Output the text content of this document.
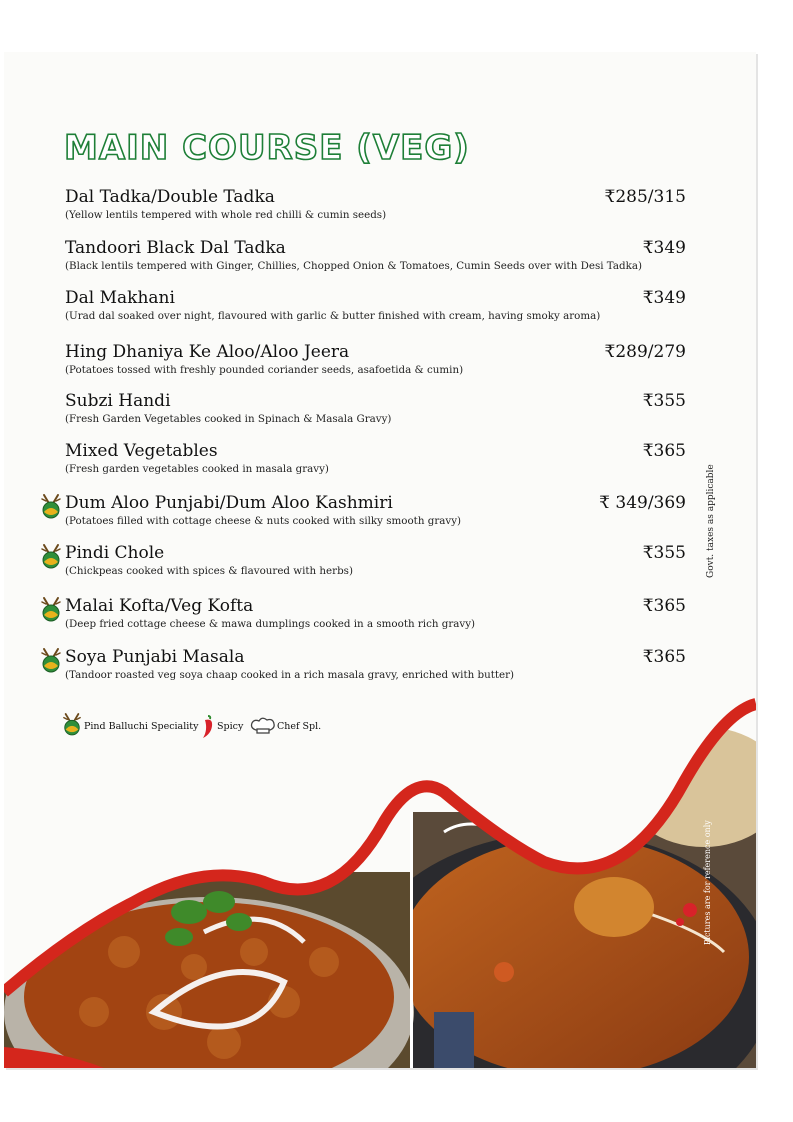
MAIN COURSE (VEG)
Dal Tadka/Double Tadka
(Yellow lentils tempered with whole red chilli & cumin seeds)
₹285/315
Tandoori Black Dal Tadka
(Black lentils tempered with Ginger, Chillies, Chopped Onion & Tomatoes, Cumin Seeds over with Desi Tadka)
₹349
Dal Makhani
(Urad dal soaked over night, flavoured with garlic & butter finished with cream, having smoky aroma)
₹349
Hing Dhaniya Ke Aloo/Aloo Jeera
(Potatoes tossed with freshly pounded coriander seeds, asafoetida & cumin)
₹289/279
Subzi Handi
(Fresh Garden Vegetables cooked in Spinach & Masala Gravy)
₹355
Mixed Vegetables
(Fresh garden vegetables cooked in masala gravy)
₹365
Dum Aloo Punjabi/Dum Aloo Kashmiri
(Potatoes filled with cottage cheese & nuts cooked with silky smooth gravy)
₹ 349/369
Pindi Chole
(Chickpeas cooked with spices & flavoured with herbs)
₹355
Malai Kofta/Veg Kofta
(Deep fried cottage cheese & mawa dumplings cooked in a smooth rich gravy)
₹365
Soya Punjabi Masala
(Tandoor roasted veg soya chaap cooked in a rich masala gravy, enriched with butter)
₹365
Govt. taxes as applicable
Pictures are for reference only
Pind Balluchi Speciality Spicy	Chef Spl.
